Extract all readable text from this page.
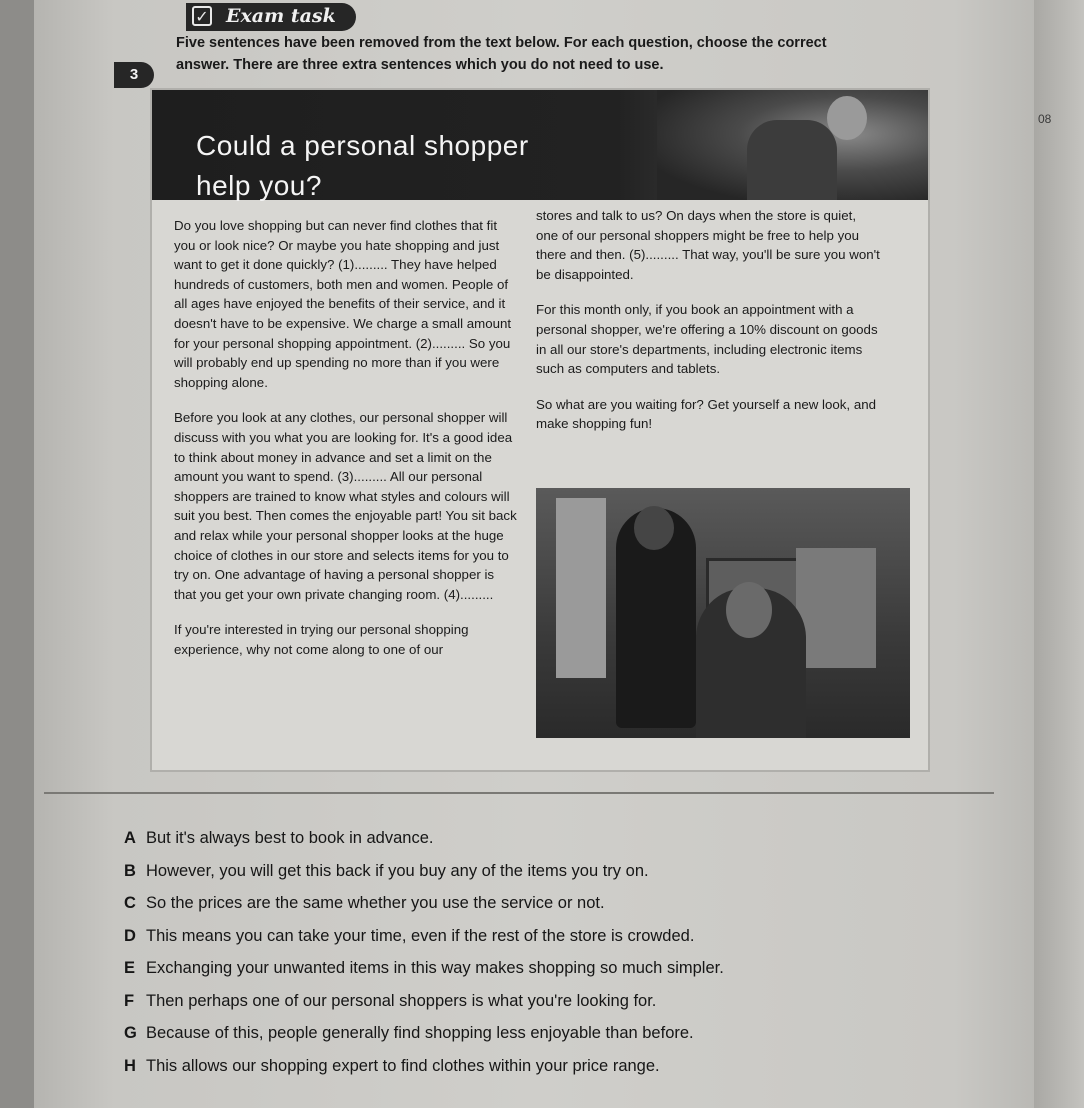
✓ Exam task
3
Five sentences have been removed from the text below. For each question, choose the correct answer. There are three extra sentences which you do not need to use.
08
Could a personal shopper
help you?

Do you love shopping but can never find clothes that fit you or look nice? Or maybe you hate shopping and just want to get it done quickly? (1)......... They have helped hundreds of customers, both men and women. People of all ages have enjoyed the benefits of their service, and it doesn't have to be expensive. We charge a small amount for your personal shopping appointment. (2)......... So you will probably end up spending no more than if you were shopping alone.

Before you look at any clothes, our personal shopper will discuss with you what you are looking for. It's a good idea to think about money in advance and set a limit on the amount you want to spend. (3)......... All our personal shoppers are trained to know what styles and colours will suit you best. Then comes the enjoyable part! You sit back and relax while your personal shopper looks at the huge choice of clothes in our store and selects items for you to try on. One advantage of having a personal shopper is that you get your own private changing room. (4).........

If you're interested in trying our personal shopping experience, why not come along to one of our

stores and talk to us? On days when the store is quiet, one of our personal shoppers might be free to help you there and then. (5)......... That way, you'll be sure you won't be disappointed.

For this month only, if you book an appointment with a personal shopper, we're offering a 10% discount on goods in all our store's departments, including electronic items such as computers and tablets.

So what are you waiting for? Get yourself a new look, and make shopping fun!

A But it's always best to book in advance.
B However, you will get this back if you buy any of the items you try on.
C So the prices are the same whether you use the service or not.
D This means you can take your time, even if the rest of the store is crowded.
E Exchanging your unwanted items in this way makes shopping so much simpler.
F Then perhaps one of our personal shoppers is what you're looking for.
G Because of this, people generally find shopping less enjoyable than before.
H This allows our shopping expert to find clothes within your price range.
